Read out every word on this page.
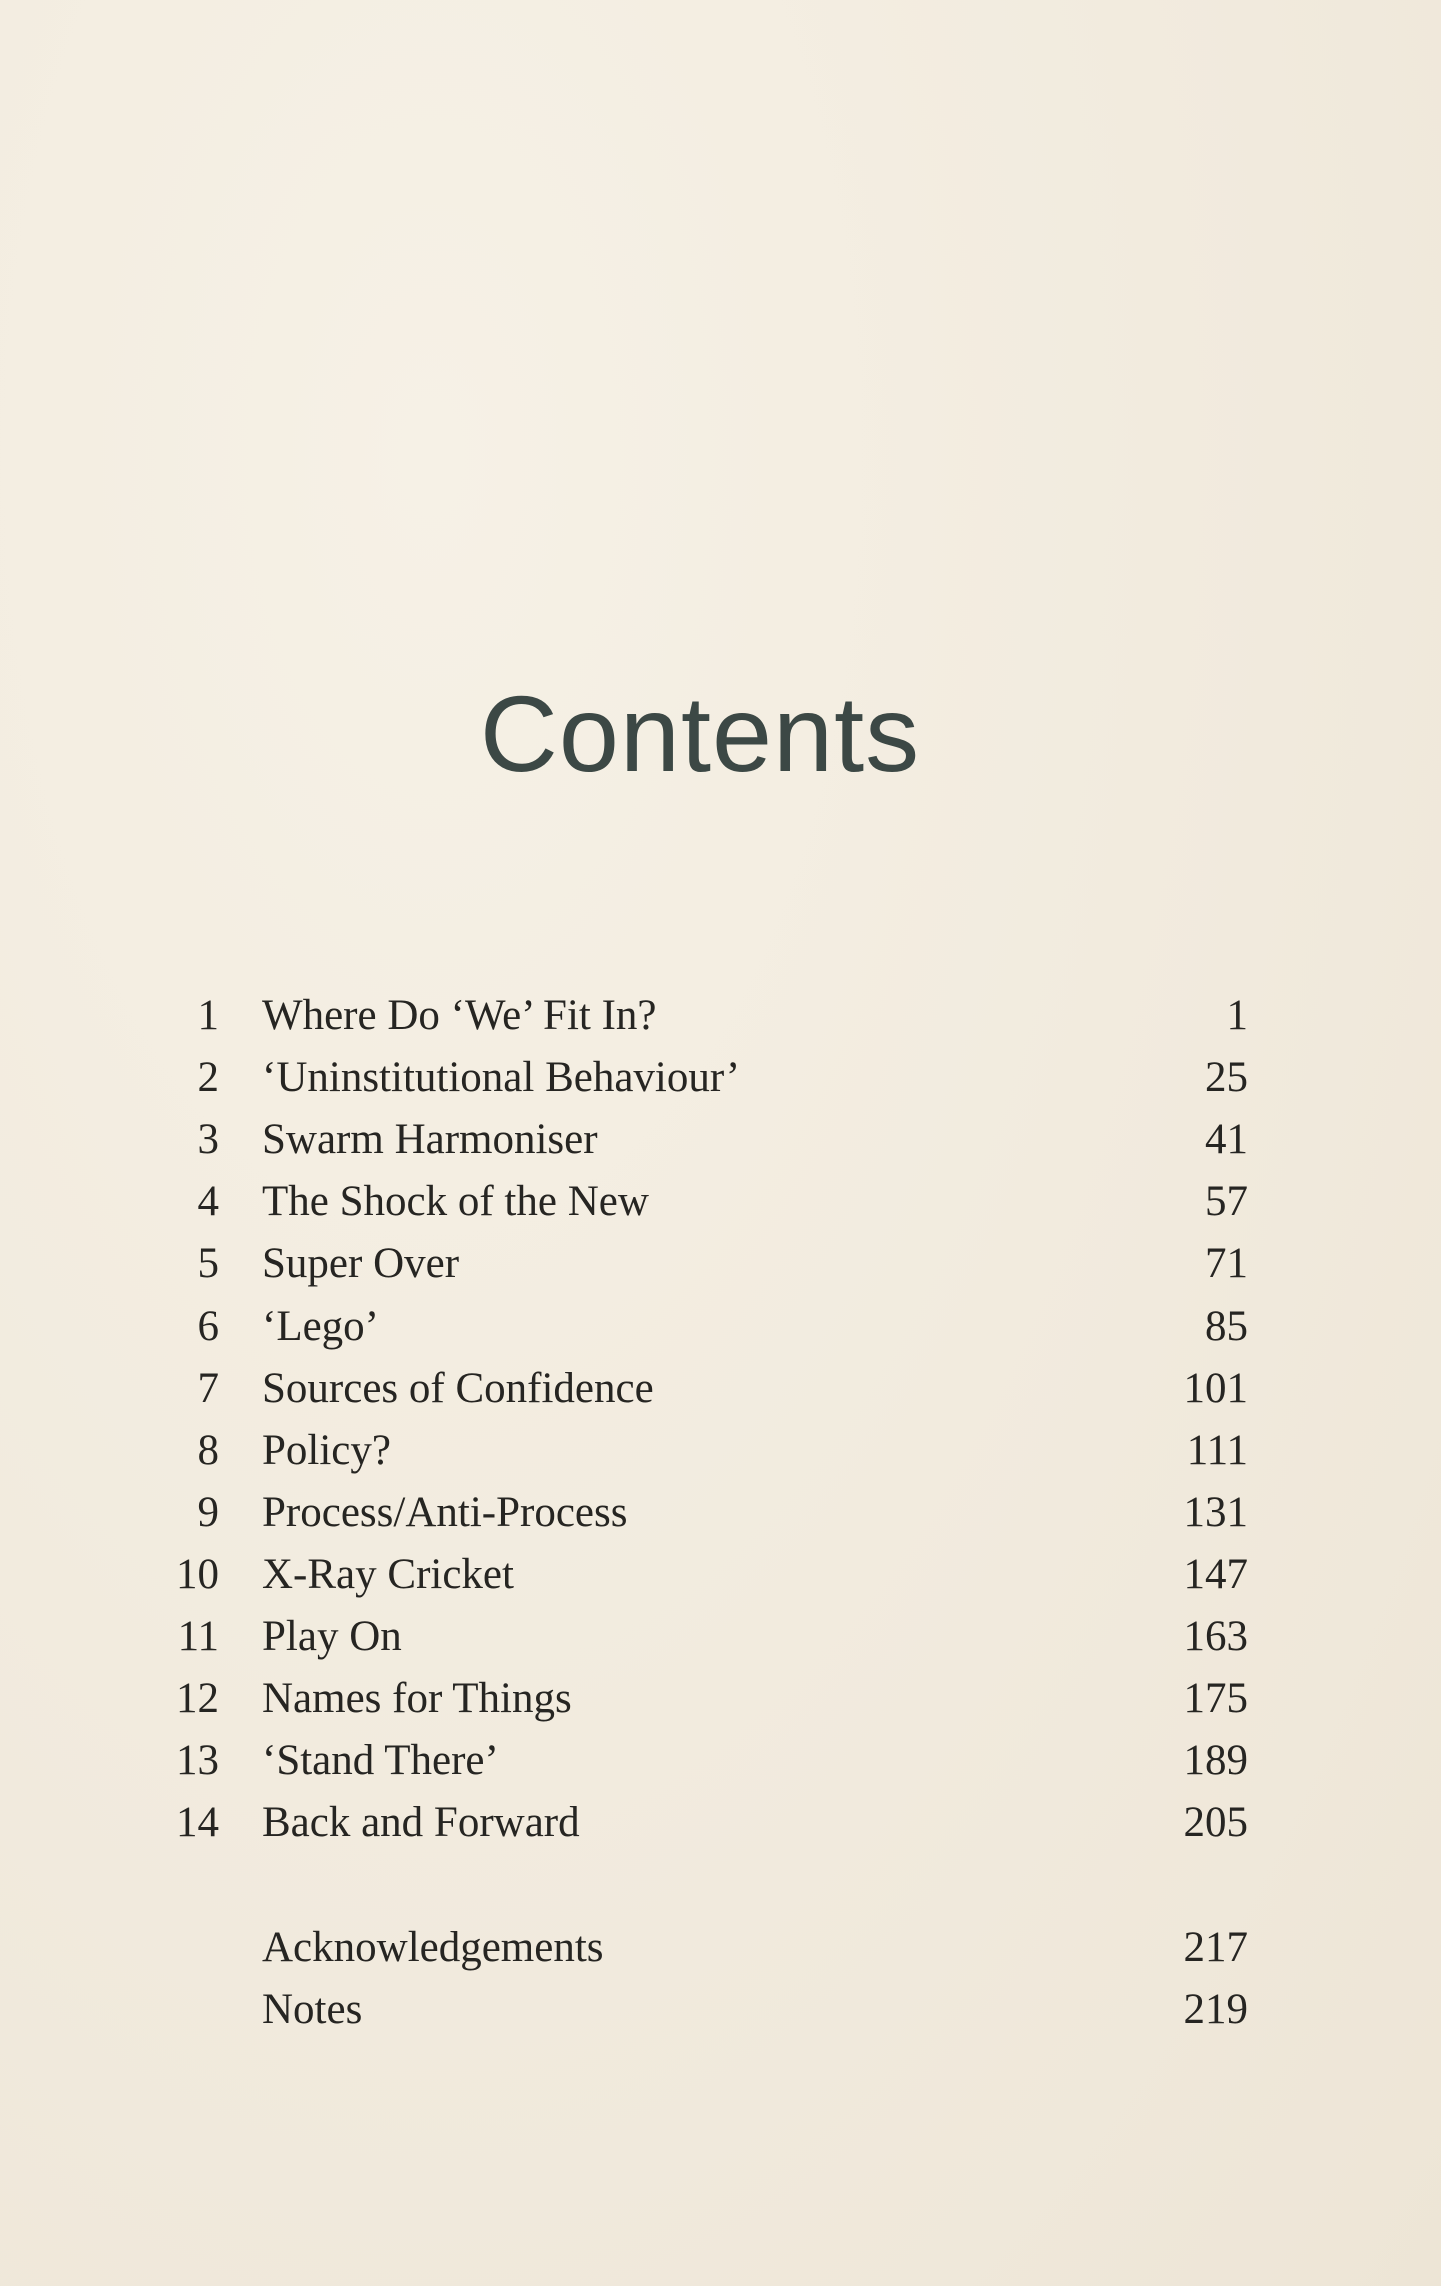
Contents
1 Where Do ‘We’ Fit In?	1
2 ‘Uninstitutional Behaviour’	25
3 Swarm Harmoniser	41
4 The Shock of the New	57
5 Super Over	71
6 ‘Lego’	85
7 Sources of Confidence	101
8 Policy?	111
9 Process/Anti-Process	131
10 X-Ray Cricket	147
11 Play On	163
12 Names for Things	175
13 ‘Stand There’	189
14 Back and Forward	205
Acknowledgements	217
Notes	219
